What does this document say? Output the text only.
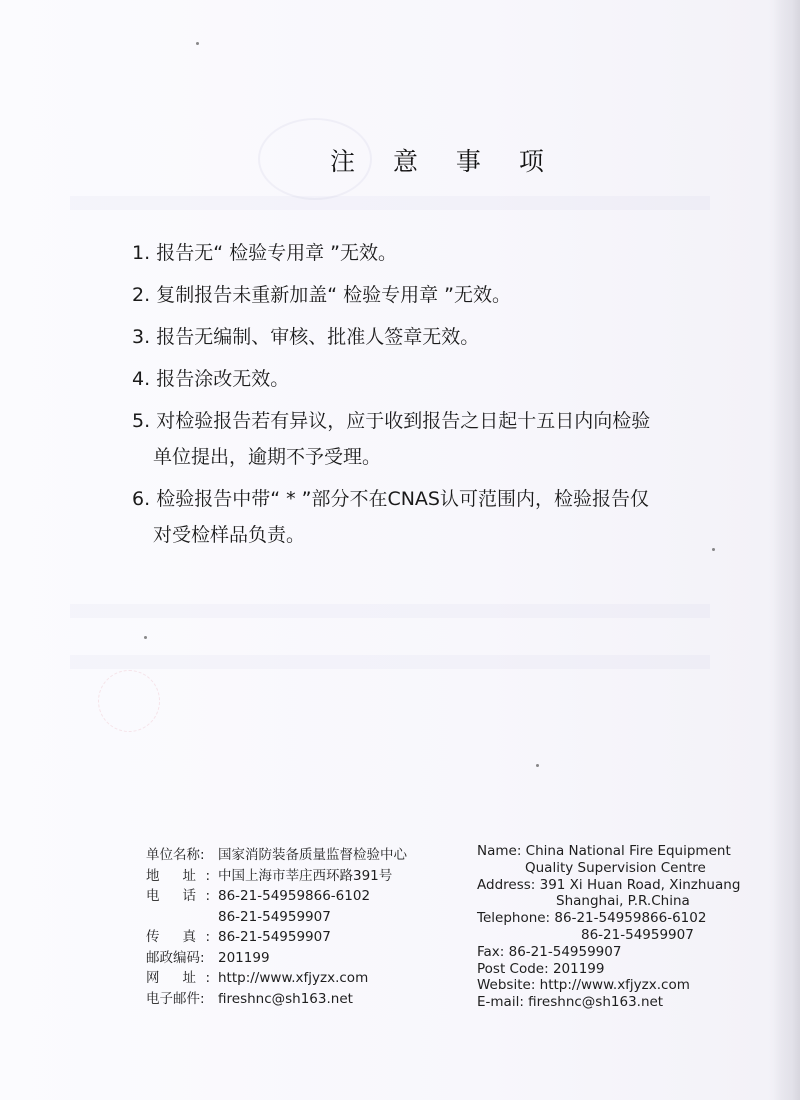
注 意 事 项
1. 报告无“ 检验专用章 ”无效。
2. 复制报告未重新加盖“ 检验专用章 ”无效。
3. 报告无编制、审核、批准人签章无效。
4. 报告涂改无效。
5. 对检验报告若有异议，应于收到报告之日起十五日内向检验
单位提出，逾期不予受理。
6. 检验报告中带“ * ”部分不在CNAS认可范围内，检验报告仅
对受检样品负责。
单位名称: 国家消防装备质量监督检验中心
地 址: 中国上海市莘庄西环路391号
电 话: 86-21-54959866-6102
86-21-54959907
传 真: 86-21-54959907
邮政编码: 201199
网 址: http://www.xfjyzx.com
电子邮件: fireshnc@sh163.net
Name: China National Fire Equipment
Quality Supervision Centre
Address: 391 Xi Huan Road, Xinzhuang
Shanghai, P.R.China
Telephone: 86-21-54959866-6102
86-21-54959907
Fax: 86-21-54959907
Post Code: 201199
Website: http://www.xfjyzx.com
E-mail: fireshnc@sh163.net
